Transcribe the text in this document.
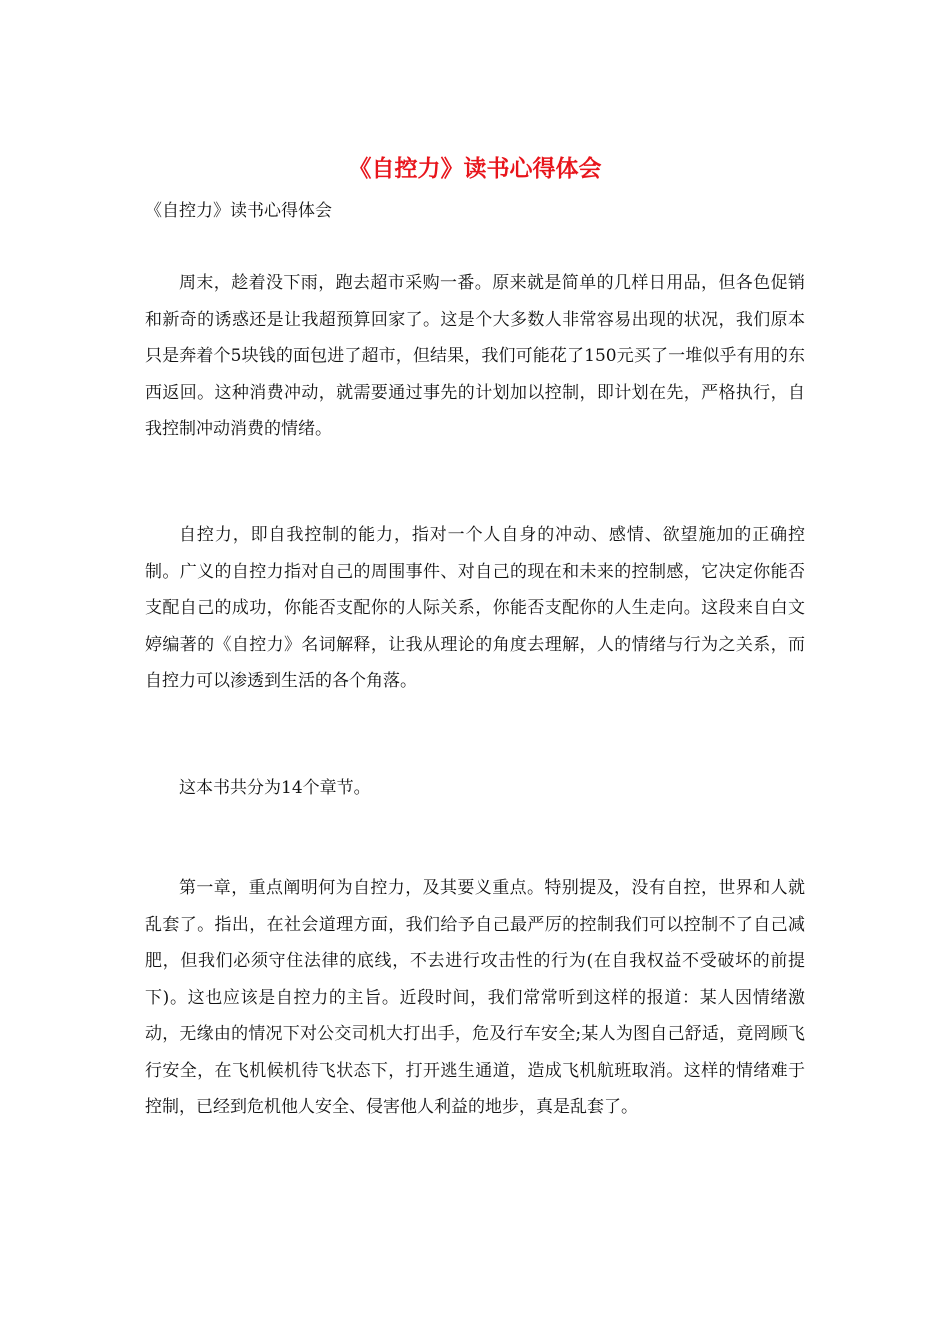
《自控力》读书心得体会

《自控力》读书心得体会

周末，趁着没下雨，跑去超市采购一番。原来就是简单的几样日用品，但各色促销和新奇的诱惑还是让我超预算回家了。这是个大多数人非常容易出现的状况，我们原本只是奔着个5块钱的面包进了超市，但结果，我们可能花了150元买了一堆似乎有用的东西返回。这种消费冲动，就需要通过事先的计划加以控制，即计划在先，严格执行，自我控制冲动消费的情绪。

自控力，即自我控制的能力，指对一个人自身的冲动、感情、欲望施加的正确控制。广义的自控力指对自己的周围事件、对自己的现在和未来的控制感，它决定你能否支配自己的成功，你能否支配你的人际关系，你能否支配你的人生走向。这段来自白文婷编著的《自控力》名词解释，让我从理论的角度去理解，人的情绪与行为之关系，而自控力可以渗透到生活的各个角落。

这本书共分为14个章节。

第一章，重点阐明何为自控力，及其要义重点。特别提及，没有自控，世界和人就乱套了。指出，在社会道理方面，我们给予自己最严厉的控制我们可以控制不了自己减肥，但我们必须守住法律的底线，不去进行攻击性的行为(在自我权益不受破坏的前提下)。这也应该是自控力的主旨。近段时间，我们常常听到这样的报道：某人因情绪激动，无缘由的情况下对公交司机大打出手，危及行车安全;某人为图自己舒适，竟罔顾飞行安全，在飞机候机待飞状态下，打开逃生通道，造成飞机航班取消。这样的情绪难于控制，已经到危机他人安全、侵害他人利益的地步，真是乱套了。
